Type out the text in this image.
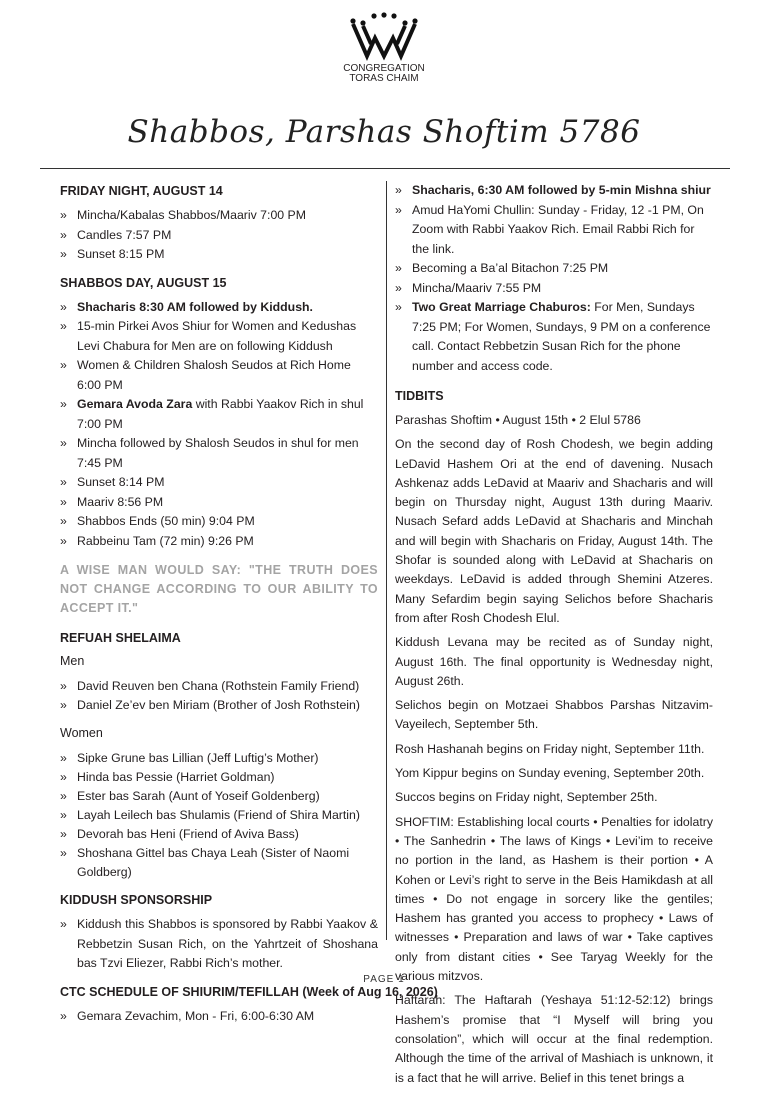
CONGREGATION
TORAS CHAIM
Shabbos, Parshas Shoftim 5786
FRIDAY NIGHT, AUGUST 14
» Mincha/Kabalas Shabbos/Maariv 7:00 PM
» Candles 7:57 PM
» Sunset 8:15 PM
SHABBOS DAY, AUGUST 15
» Shacharis 8:30 AM followed by Kiddush.
» 15-min Pirkei Avos Shiur for Women and Kedushas Levi Chabura for Men are on following Kiddush
» Women & Children Shalosh Seudos at Rich Home 6:00 PM
» Gemara Avoda Zara with Rabbi Yaakov Rich in shul 7:00 PM
» Mincha followed by Shalosh Seudos in shul for men 7:45 PM
» Sunset 8:14 PM
» Maariv 8:56 PM
» Shabbos Ends (50 min) 9:04 PM
» Rabbeinu Tam (72 min) 9:26 PM
A WISE MAN WOULD SAY: "THE TRUTH DOES NOT CHANGE ACCORDING TO OUR ABILITY TO ACCEPT IT."
REFUAH SHELAIMA
Men
» David Reuven ben Chana (Rothstein Family Friend)
» Daniel Ze’ev ben Miriam (Brother of Josh Rothstein)
Women
» Sipke Grune bas Lillian (Jeff Luftig’s Mother)
» Hinda bas Pessie (Harriet Goldman)
» Ester bas Sarah (Aunt of Yoseif Goldenberg)
» Layah Leilech bas Shulamis (Friend of Shira Martin)
» Devorah bas Heni (Friend of Aviva Bass)
» Shoshana Gittel bas Chaya Leah (Sister of Naomi Goldberg)
KIDDUSH SPONSORSHIP
» Kiddush this Shabbos is sponsored by Rabbi Yaakov & Rebbetzin Susan Rich, on the Yahrtzeit of Shoshana bas Tzvi Eliezer, Rabbi Rich’s mother.
CTC SCHEDULE OF SHIURIM/TEFILLAH (Week of Aug 16, 2026)
» Gemara Zevachim, Mon - Fri, 6:00-6:30 AM
» Shacharis, 6:30 AM followed by 5-min Mishna shiur
» Amud HaYomi Chullin: Sunday - Friday, 12 -1 PM, On Zoom with Rabbi Yaakov Rich. Email Rabbi Rich for the link.
» Becoming a Ba’al Bitachon 7:25 PM
» Mincha/Maariv 7:55 PM
» Two Great Marriage Chaburos: For Men, Sundays 7:25 PM; For Women, Sundays, 9 PM on a conference call. Contact Rebbetzin Susan Rich for the phone number and access code.
TIDBITS

Parashas Shoftim • August 15th • 2 Elul 5786

On the second day of Rosh Chodesh, we begin adding LeDavid Hashem Ori at the end of davening. Nusach Ashkenaz adds LeDavid at Maariv and Shacharis and will begin on Thursday night, August 13th during Maariv. Nusach Sefard adds LeDavid at Shacharis and Minchah and will begin with Shacharis on Friday, August 14th. The Shofar is sounded along with LeDavid at Shacharis on weekdays. LeDavid is added through Shemini Atzeres. Many Sefardim begin saying Selichos before Shacharis from after Rosh Chodesh Elul.

Kiddush Levana may be recited as of Sunday night, August 16th. The final opportunity is Wednesday night, August 26th.

Selichos begin on Motzaei Shabbos Parshas Nitzavim-Vayeilech, September 5th.

Rosh Hashanah begins on Friday night, September 11th.

Yom Kippur begins on Sunday evening, September 20th.

Succos begins on Friday night, September 25th.

SHOFTIM: Establishing local courts • Penalties for idolatry • The Sanhedrin • The laws of Kings • Levi’im to receive no portion in the land, as Hashem is their portion • A Kohen or Levi’s right to serve in the Beis Hamikdash at all times • Do not engage in sorcery like the gentiles; Hashem has granted you access to prophecy • Laws of witnesses • Preparation and laws of war • Take captives only from distant cities • See Taryag Weekly for the various mitzvos.

Haftarah: The Haftarah (Yeshaya 51:12-52:12) brings Hashem’s promise that “I Myself will bring you consolation”, which will occur at the final redemption. Although the time of the arrival of Mashiach is unknown, it is a fact that he will arrive. Belief in this tenet brings a

PAGE 1
